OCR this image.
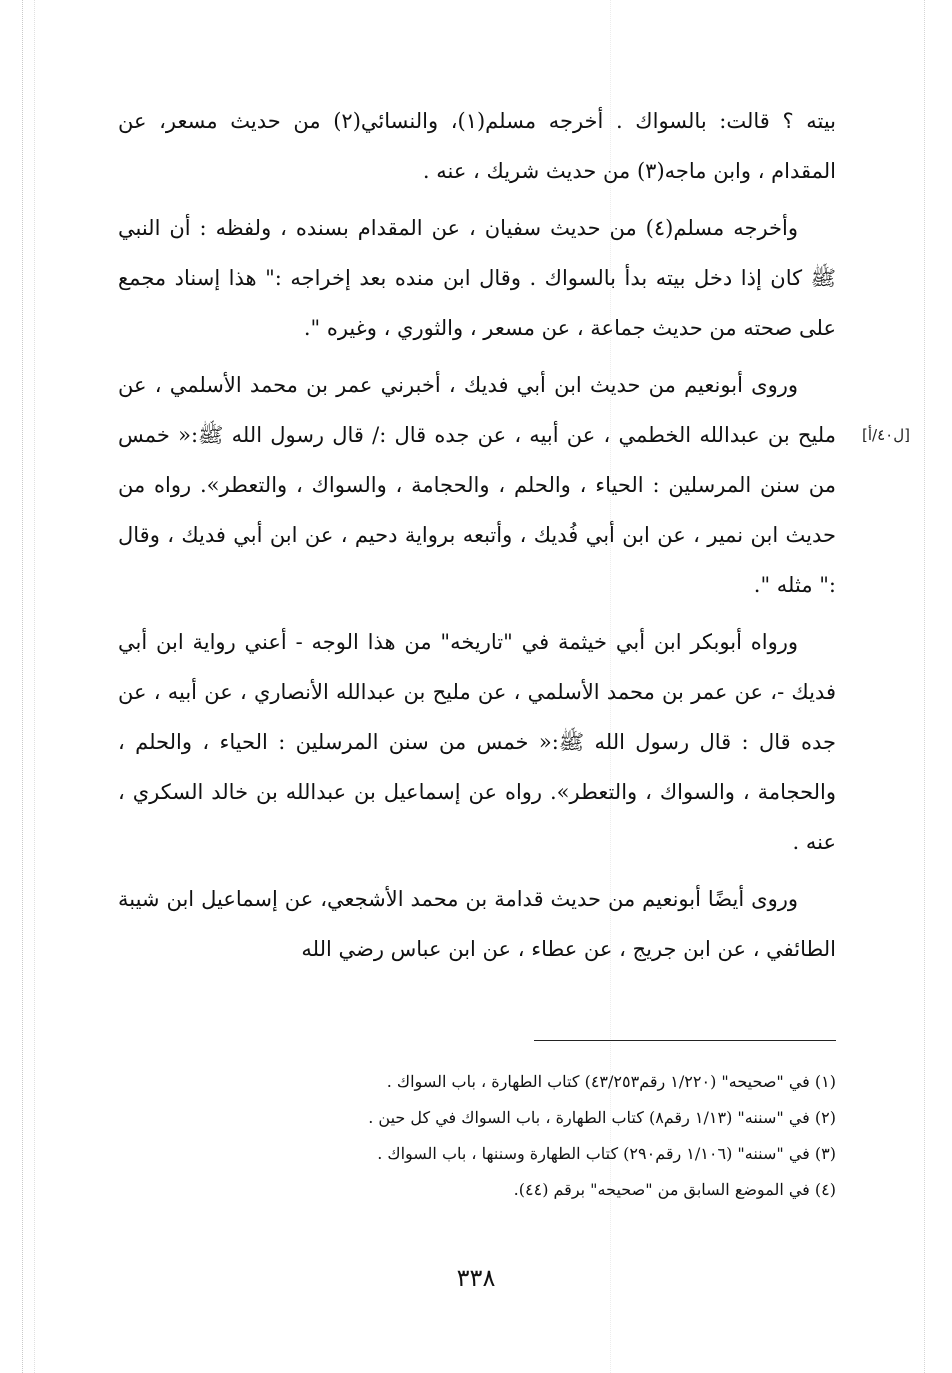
بيته ؟ قالت: بالسواك . أخرجه مسلم(١)، والنسائي(٢) من حديث مسعر، عن المقدام ، وابن ماجه(٣) من حديث شريك ، عنه .

وأخرجه مسلم(٤) من حديث سفيان ، عن المقدام بسنده ، ولفظه : أن النبي ﷺ كان إذا دخل بيته بدأ بالسواك . وقال ابن منده بعد إخراجه :" هذا إسناد مجمع على صحته من حديث جماعة ، عن مسعر ، والثوري ، وغيره ".

وروى أبونعيم من حديث ابن أبي فديك ، أخبرني عمر بن محمد الأسلمي ، عن مليح بن عبدالله الخطمي ، عن أبيه ، عن جده قال :/ قال رسول الله ﷺ:« خمس من سنن المرسلين : الحياء ، والحلم ، والحجامة ، والسواك ، والتعطر». رواه من حديث ابن نمير ، عن ابن أبي فُديك ، وأتبعه برواية دحيم ، عن ابن أبي فديك ، وقال :" مثله ".

ورواه أبوبكر ابن أبي خيثمة في "تاريخه" من هذا الوجه - أعني رواية ابن أبي فديك -، عن عمر بن محمد الأسلمي ، عن مليح بن عبدالله الأنصاري ، عن أبيه ، عن جده قال : قال رسول الله ﷺ:« خمس من سنن المرسلين : الحياء ، والحلم ، والحجامة ، والسواك ، والتعطر». رواه عن إسماعيل بن عبدالله بن خالد السكري ، عنه .

وروى أيضًا أبونعيم من حديث قدامة بن محمد الأشجعي، عن إسماعيل ابن شيبة الطائفي ، عن ابن جريج ، عن عطاء ، عن ابن عباس رضي الله

[ل٤٠/أ]

(١) في "صحيحه" (١/٢٢٠ رقم٤٣/٢٥٣) كتاب الطهارة ، باب السواك .

(٢) في "سننه" (١/١٣ رقم٨) كتاب الطهارة ، باب السواك في كل حين .

(٣) في "سننه" (١/١٠٦ رقم٢٩٠) كتاب الطهارة وسننها ، باب السواك .

(٤) في الموضع السابق من "صحيحه" برقم (٤٤).

٣٣٨
